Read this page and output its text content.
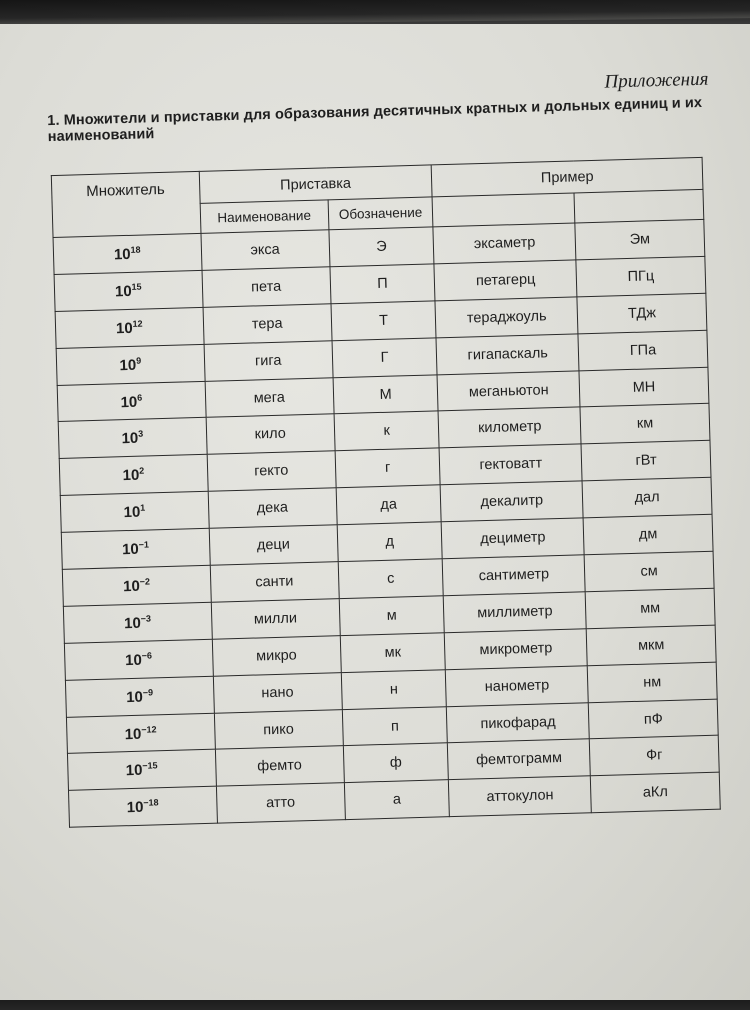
Приложения
1. Множители и приставки для образования десятичных кратных и дольных единиц и их наименований
Множитель	Приставка		Пример	
	Наименование	Обозначение		
$10^{18}$	экса	Э	эксаметр	Эм
$10^{15}$	пета	П	петагерц	ПГц
$10^{12}$	тера	Т	тераджоуль	ТДж
$10^9$	гига	Г	гигапаскаль	ГПа
$10^6$	мега	М	меганьютон	МН
$10^3$	кило	к	километр	км
$10^2$	гекто	г	гектоватт	гВт
$10^1$	дека	да	декалитр	дал
$10^{-1}$	деци	д	дециметр	дм
$10^{-2}$	санти	с	сантиметр	см
$10^{-3}$	милли	м	миллиметр	мм
$10^{-6}$	микро	мк	микрометр	мкм
$10^{-9}$	нано	н	нанометр	нм
$10^{-12}$	пико	п	пикофарад	пФ
$10^{-15}$	фемто	ф	фемтограмм	Фг
$10^{-18}$	атто	а	аттокулон	аКл
